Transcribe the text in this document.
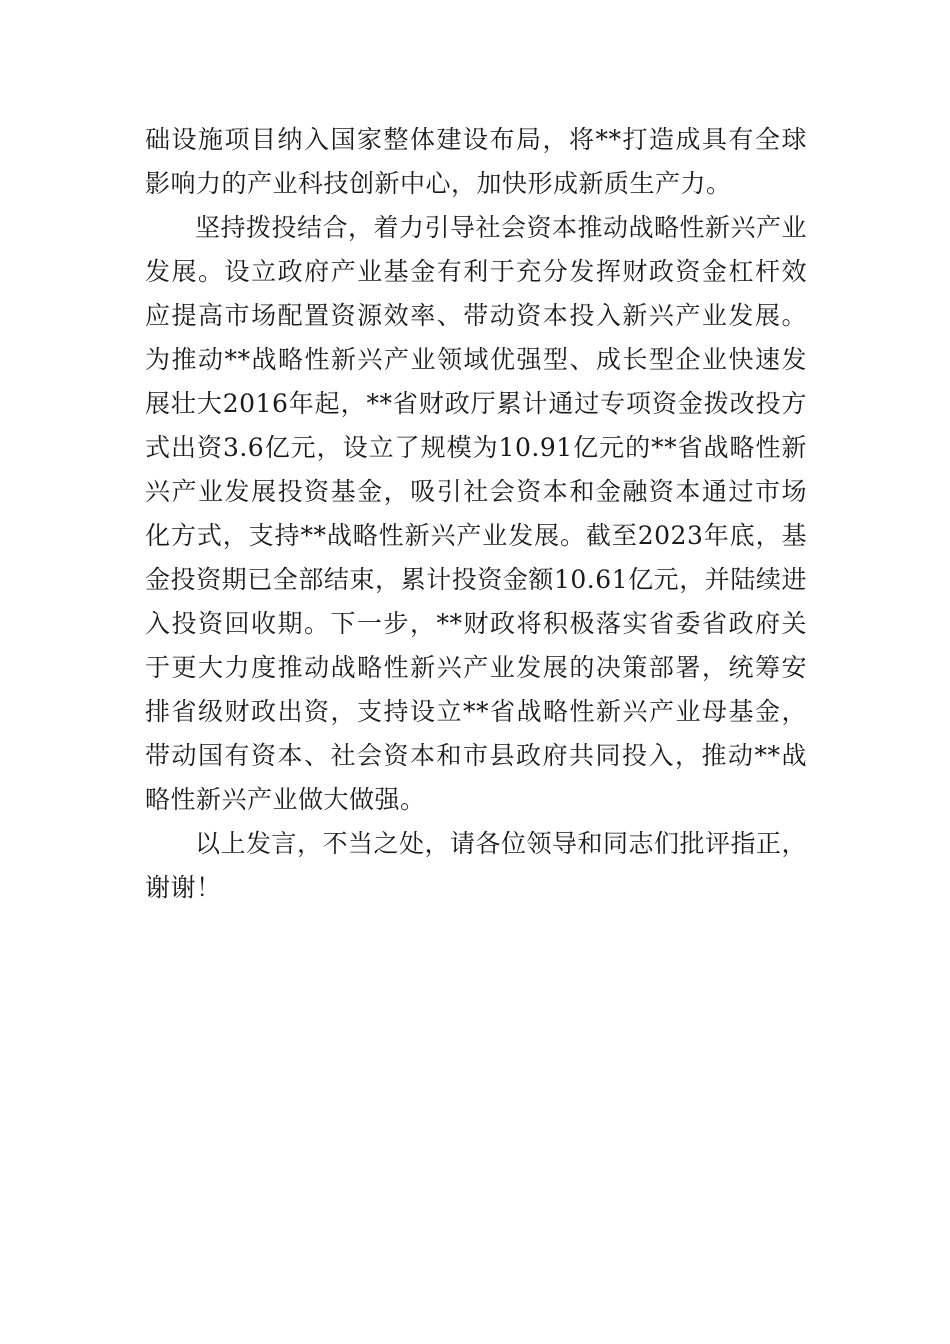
础设施项目纳入国家整体建设布局，将**打造成具有全球影响力的产业科技创新中心，加快形成新质生产力。

坚持拨投结合，着力引导社会资本推动战略性新兴产业发展。设立政府产业基金有利于充分发挥财政资金杠杆效应提高市场配置资源效率、带动资本投入新兴产业发展。为推动**战略性新兴产业领域优强型、成长型企业快速发展壮大2016年起，**省财政厅累计通过专项资金拨改投方式出资3.6亿元，设立了规模为10.91亿元的**省战略性新兴产业发展投资基金，吸引社会资本和金融资本通过市场化方式，支持**战略性新兴产业发展。截至2023年底，基金投资期已全部结束，累计投资金额10.61亿元，并陆续进入投资回收期。下一步，**财政将积极落实省委省政府关于更大力度推动战略性新兴产业发展的决策部署，统筹安排省级财政出资，支持设立**省战略性新兴产业母基金，带动国有资本、社会资本和市县政府共同投入，推动**战略性新兴产业做大做强。

以上发言，不当之处，请各位领导和同志们批评指正，谢谢！
